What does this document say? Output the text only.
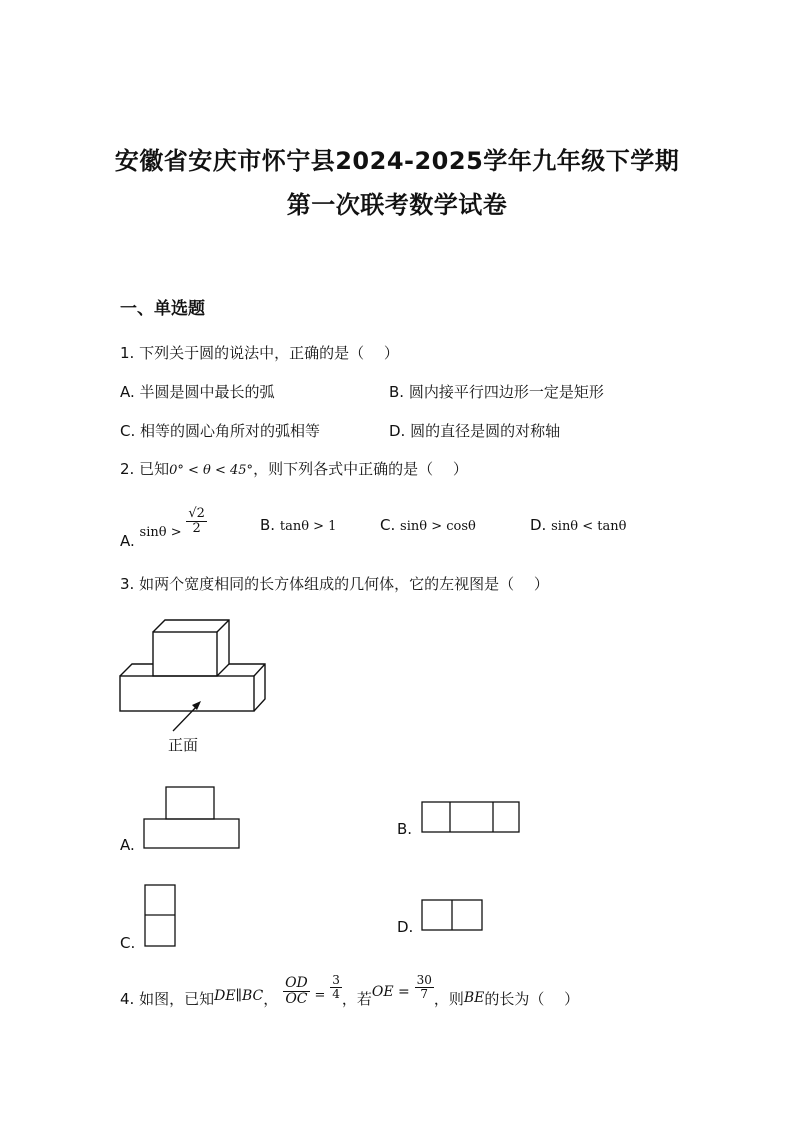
安徽省安庆市怀宁县2024-2025学年九年级下学期
第一次联考数学试卷
一、单选题
1. 下列关于圆的说法中，正确的是（　 ）
A. 半圆是圆中最长的弧	B. 圆内接平行四边形一定是矩形
C. 相等的圆心角所对的弧相等	D. 圆的直径是圆的对称轴
2. 已知0° < θ < 45°，则下列各式中正确的是（　 ）
A. $\sin\theta > \frac{√2}{2}$	B. tanθ > 1	C. sinθ > cosθ	D. sinθ < tanθ
3. 如两个宽度相同的长方体组成的几何体，它的左视图是（　 ）
正面
A.
B.
C.
D.
4. 如图，已知DE∥BC， $\frac{OD}{OC} = \frac{3}{4}$ ，若OE = $\frac{30}{7}$ ，则BE的长为（　 ）
